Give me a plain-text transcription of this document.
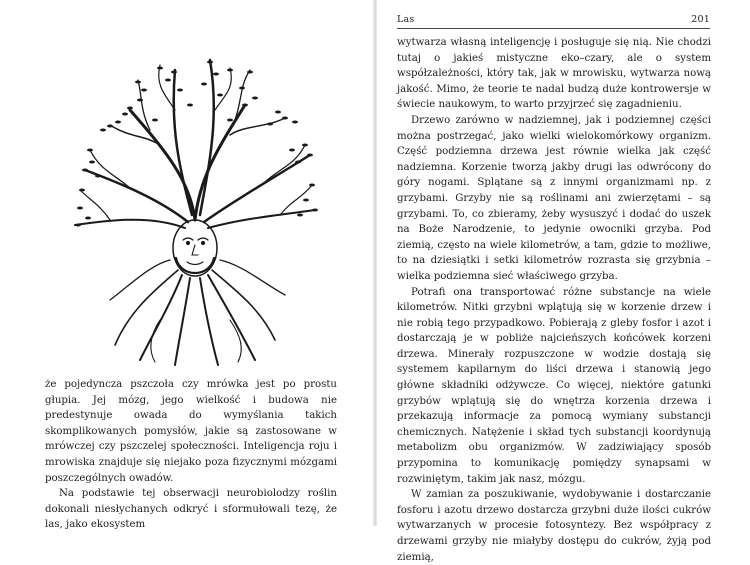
że pojedyncza pszczoła czy mrówka jest po prostu głupia. Jej mózg, jego wielkość i budowa nie predestynuje owada do wymyślania takich skomplikowanych pomysłów, jakie są zastosowane w mrówczej czy pszczelej społeczności. Inteligencja roju i mrowiska znajduje się niejako poza fizycznymi mózgami poszczególnych owadów.

Na podstawie tej obserwacji neurobiolodzy roślin dokonali niesłychanych odkryć i sformułowali tezę, że las, jako ekosystem

Las	201

wytwarza własną inteligencję i posługuje się nią. Nie chodzi tutaj o jakieś mistyczne eko–czary, ale o system współzależności, który tak, jak w mrowisku, wytwarza nową jakość. Mimo, że teorie te nadal budzą duże kontrowersje w świecie naukowym, to warto przyjrzeć się zagadnieniu.

Drzewo zarówno w nadziemnej, jak i podziemnej części można postrzegać, jako wielki wielokomórkowy organizm. Część podziemna drzewa jest równie wielka jak część nadziemna. Korzenie tworzą jakby drugi las odwrócony do góry nogami. Splątane są z innymi organizmami np. z grzybami. Grzyby nie są roślinami ani zwierzętami – są grzybami. To, co zbieramy, żeby wysuszyć i dodać do uszek na Boże Narodzenie, to jedynie owocniki grzyba. Pod ziemią, często na wiele kilometrów, a tam, gdzie to możliwe, to na dziesiątki i setki kilometrów rozrasta się grzybnia – wielka podziemna sieć właściwego grzyba.

Potrafi ona transportować różne substancje na wiele kilometrów. Nitki grzybni wplątują się w korzenie drzew i nie robią tego przypadkowo. Pobierają z gleby fosfor i azot i dostarczają je w pobliże najcieńszych końcówek korzeni drzewa. Minerały rozpuszczone w wodzie dostają się systemem kapilarnym do liści drzewa i stanowią jego główne składniki odżywcze. Co więcej, niektóre gatunki grzybów wplątują się do wnętrza korzenia drzewa i przekazują informacje za pomocą wymiany substancji chemicznych. Natężenie i skład tych substancji koordynują metabolizm obu organizmów. W zadziwiający sposób przypomina to komunikację pomiędzy synapsami w rozwiniętym, takim jak nasz, mózgu.

W zamian za poszukiwanie, wydobywanie i dostarczanie fosforu i azotu drzewo dostarcza grzybni duże ilości cukrów wytwarzanych w procesie fotosyntezy. Bez współpracy z drzewami grzyby nie miałyby dostępu do cukrów, żyją pod ziemią,
